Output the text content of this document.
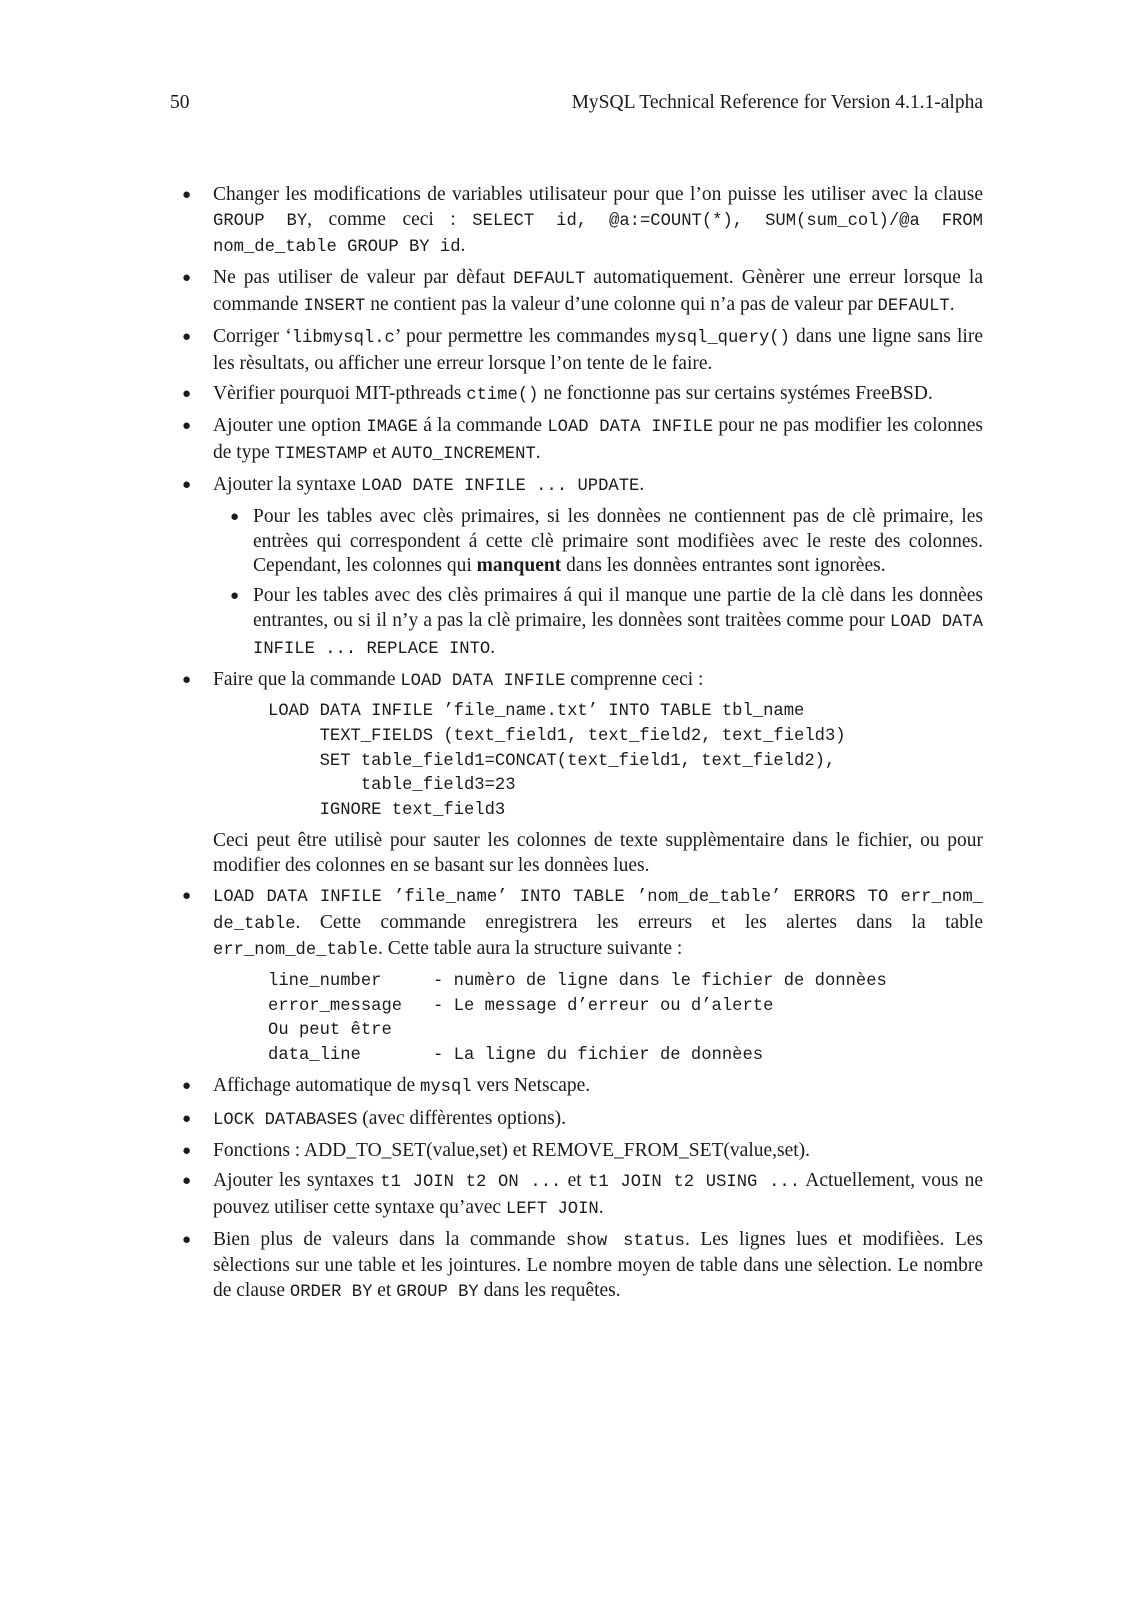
50	MySQL Technical Reference for Version 4.1.1-alpha
● Changer les modifications de variables utilisateur pour que l’on puisse les utiliser avec la clause GROUP BY, comme ceci : SELECT id, @a:=COUNT(*), SUM(sum_col)/@a FROM nom_de_table GROUP BY id.
● Ne pas utiliser de valeur par dèfaut DEFAULT automatiquement. Gènèrer une erreur lorsque la commande INSERT ne contient pas la valeur d’une colonne qui n’a pas de valeur par DEFAULT.
● Corriger ‘libmysql.c’ pour permettre les commandes mysql_query() dans une ligne sans lire les rèsultats, ou afficher une erreur lorsque l’on tente de le faire.
● Vèrifier pourquoi MIT-pthreads ctime() ne fonctionne pas sur certains systémes FreeBSD.
● Ajouter une option IMAGE á la commande LOAD DATA INFILE pour ne pas modifier les colonnes de type TIMESTAMP et AUTO_INCREMENT.
● Ajouter la syntaxe LOAD DATE INFILE ... UPDATE.
● Pour les tables avec clès primaires, si les donnèes ne contiennent pas de clè primaire, les entrèes qui correspondent á cette clè primaire sont modifièes avec le reste des colonnes. Cependant, les colonnes qui manquent dans les donnèes entrantes sont ignorèes.
● Pour les tables avec des clès primaires á qui il manque une partie de la clè dans les donnèes entrantes, ou si il n’y a pas la clè primaire, les donnèes sont traitèes comme pour LOAD DATA INFILE ... REPLACE INTO.
● Faire que la commande LOAD DATA INFILE comprenne ceci :
LOAD DATA INFILE ’file_name.txt’ INTO TABLE tbl_name
TEXT_FIELDS (text_field1, text_field2, text_field3)
SET table_field1=CONCAT(text_field1, text_field2),
table_field3=23
IGNORE text_field3
Ceci peut être utilisè pour sauter les colonnes de texte supplèmentaire dans le fichier, ou pour modifier des colonnes en se basant sur les donnèes lues.
● LOAD DATA INFILE ’file_name’ INTO TABLE ’nom_de_table’ ERRORS TO err_nom_ de_table. Cette commande enregistrera les erreurs et les alertes dans la table err_nom_de_table. Cette table aura la structure suivante :
line_number     - numèro de ligne dans le fichier de donnèes
error_message   - Le message d’erreur ou d’alerte
Ou peut être
data_line       - La ligne du fichier de donnèes
● Affichage automatique de mysql vers Netscape.
● LOCK DATABASES (avec diffèrentes options).
● Fonctions : ADD_TO_SET(value,set) et REMOVE_FROM_SET(value,set).
● Ajouter les syntaxes t1 JOIN t2 ON ... et t1 JOIN t2 USING ... Actuellement, vous ne pouvez utiliser cette syntaxe qu’avec LEFT JOIN.
● Bien plus de valeurs dans la commande show status. Les lignes lues et modifièes. Les sèlections sur une table et les jointures. Le nombre moyen de table dans une sèlection. Le nombre de clause ORDER BY et GROUP BY dans les requêtes.
